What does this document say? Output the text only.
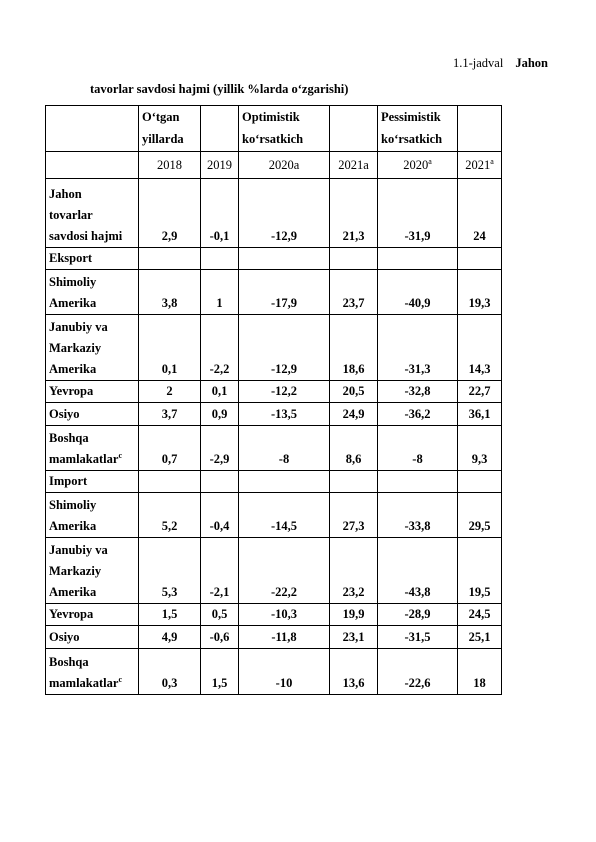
1.1-jadval Jahon
tavorlar savdosi hajmi (yillik %larda o‘zgarishi)

	O‘tgan
yillarda		Optimistik
ko‘rsatkich		Pessimistik
ko‘rsatkich	

	2018	2019	2020a	2021a	2020$^a$	2021$^a$

Jahon
tovarlar
savdosi hajmi	2,9	-0,1	-12,9	21,3	-31,9	24

Eksport						

Shimoliy
Amerika	3,8	1	-17,9	23,7	-40,9	19,3

Janubiy va
Markaziy
Amerika	0,1	-2,2	-12,9	18,6	-31,3	14,3

Yevropa	2	0,1	-12,2	20,5	-32,8	22,7

Osiyo	3,7	0,9	-13,5	24,9	-36,2	36,1

Boshqa
mamlakatlar$^c$	0,7	-2,9	-8	8,6	-8	9,3

Import						

Shimoliy
Amerika	5,2	-0,4	-14,5	27,3	-33,8	29,5

Janubiy va
Markaziy
Amerika	5,3	-2,1	-22,2	23,2	-43,8	19,5

Yevropa	1,5	0,5	-10,3	19,9	-28,9	24,5

Osiyo	4,9	-0,6	-11,8	23,1	-31,5	25,1

Boshqa
mamlakatlar$^c$	0,3	1,5	-10	13,6	-22,6	18
